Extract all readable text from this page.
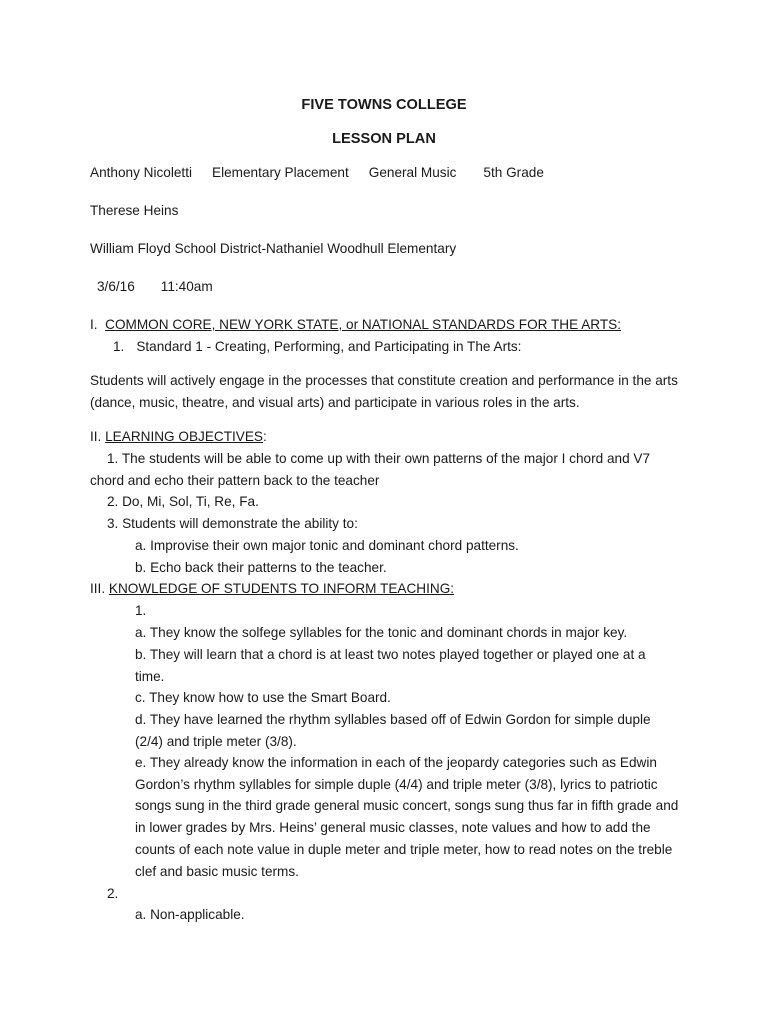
FIVE TOWNS COLLEGE
LESSON PLAN
Anthony Nicoletti Elementary Placement General Music 5th Grade
Therese Heins
William Floyd School District-Nathaniel Woodhull Elementary
3/6/16 11:40am
I. COMMON CORE, NEW YORK STATE, or NATIONAL STANDARDS FOR THE ARTS:
1. Standard 1 - Creating, Performing, and Participating in The Arts:
Students will actively engage in the processes that constitute creation and performance in the arts (dance, music, theatre, and visual arts) and participate in various roles in the arts.
II. LEARNING OBJECTIVES:
1. The students will be able to come up with their own patterns of the major I chord and V7 chord and echo their pattern back to the teacher
2. Do, Mi, Sol, Ti, Re, Fa.
3. Students will demonstrate the ability to:
a. Improvise their own major tonic and dominant chord patterns.
b. Echo back their patterns to the teacher.
III. KNOWLEDGE OF STUDENTS TO INFORM TEACHING:
1.
a. They know the solfege syllables for the tonic and dominant chords in major key.
b. They will learn that a chord is at least two notes played together or played one at a time.
c. They know how to use the Smart Board.
d. They have learned the rhythm syllables based off of Edwin Gordon for simple duple (2/4) and triple meter (3/8).
e. They already know the information in each of the jeopardy categories such as Edwin Gordon’s rhythm syllables for simple duple (4/4) and triple meter (3/8), lyrics to patriotic songs sung in the third grade general music concert, songs sung thus far in fifth grade and in lower grades by Mrs. Heins’ general music classes, note values and how to add the counts of each note value in duple meter and triple meter, how to read notes on the treble clef and basic music terms.
2.
a. Non-applicable.
